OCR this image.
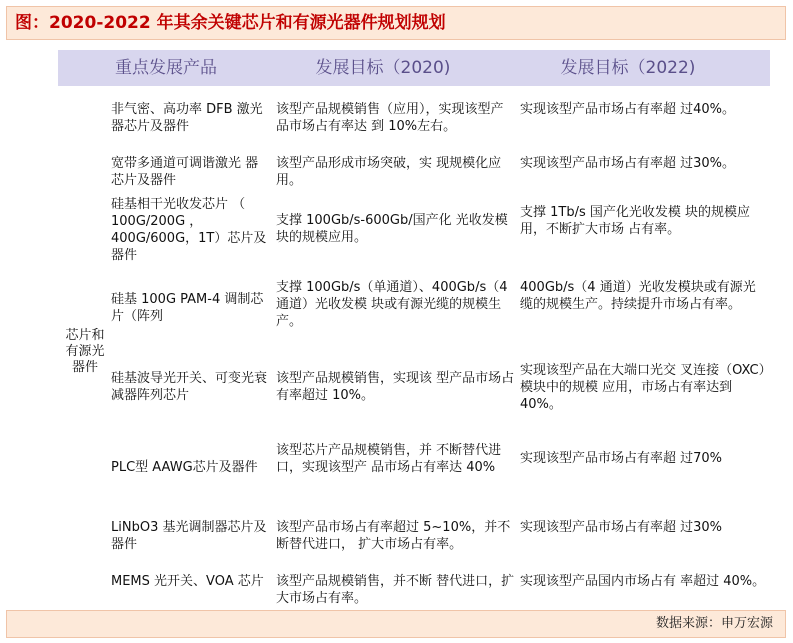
图：2020-2022 年其余关键芯片和有源光器件规划规划
重点发展产品	发展目标（2020)	发展目标（2022)
芯片和有源光器件
非气密、高功率 DFB 激光器芯片及器件
该型产品规模销售（应用），实现该型产品市场占有率达 到 10%左右。
实现该型产品市场占有率超 过40%。
宽带多通道可调谐激光 器芯片及器件
该型产品形成市场突破，实 现规模化应用。
实现该型产品市场占有率超 过30%。
硅基相干光收发芯片 （ 100G/200G ， 400G/600G，1T）芯片及器件
支撑 100Gb/s-600Gb/国产化 光收发模块的规模应用。
支撑 1Tb/s 国产化光收发模 块的规模应用，不断扩大市场 占有率。
硅基 100G PAM-4 调制芯 片（阵列
支撑 100Gb/s（单通道）、400Gb/s（4 通道）光收发模 块或有源光缆的规模生产。
400Gb/s（4 通道）光收发模块或有源光缆的规模生产。持续提升市场占有率。
硅基波导光开关、可变光衰减器阵列芯片
该型产品规模销售，实现该 型产品市场占有率超过 10%。
实现该型产品在大端口光交 叉连接（OXC）模块中的规模 应用，市场占有率达到 40%。
PLC型 AAWG芯片及器件
该型芯片产品规模销售，并 不断替代进口，实现该型产 品市场占有率达 40%
实现该型产品市场占有率超 过70%
LiNbO3 基光调制器芯片及器件
该型产品市场占有率超过 5~10%，并不断替代进口， 扩大市场占有率。
实现该型产品市场占有率超 过30%
MEMS 光开关、VOA 芯片 该型产品规模销售，并不断 替代进口，扩大市场占有率。
实现该型产品国内市场占有 率超过 40%。
数据来源：申万宏源
